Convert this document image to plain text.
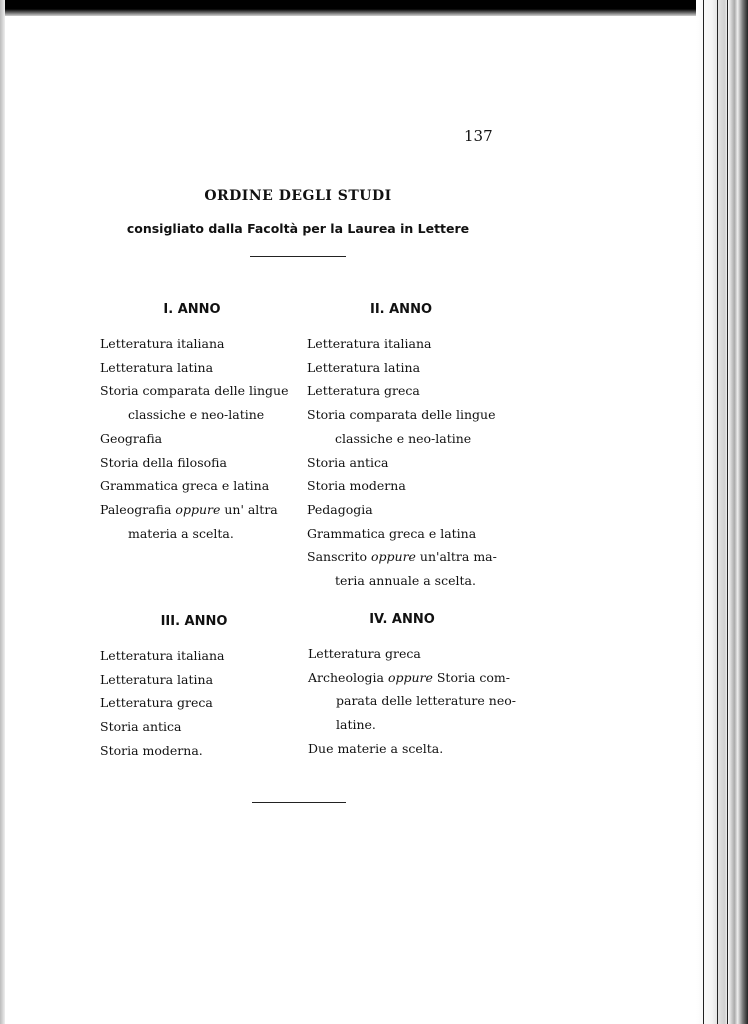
137
ORDINE DEGLI STUDI
consigliato dalla Facoltà per la Laurea in Lettere
I. ANNO
Letteratura italiana
Letteratura latina
Storia comparata delle lingue
classiche e neo-latine
Geografia
Storia della filosofia
Grammatica greca e latina
Paleografia oppure un' altra
materia a scelta.
II. ANNO
Letteratura italiana
Letteratura latina
Letteratura greca
Storia comparata delle lingue
classiche e neo-latine
Storia antica
Storia moderna
Pedagogia
Grammatica greca e latina
Sanscrito oppure un'altra ma-
teria annuale a scelta.
III. ANNO
Letteratura italiana
Letteratura latina
Letteratura greca
Storia antica
Storia moderna.
IV. ANNO
Letteratura greca
Archeologia oppure Storia com-
parata delle letterature neo-
latine.
Due materie a scelta.
